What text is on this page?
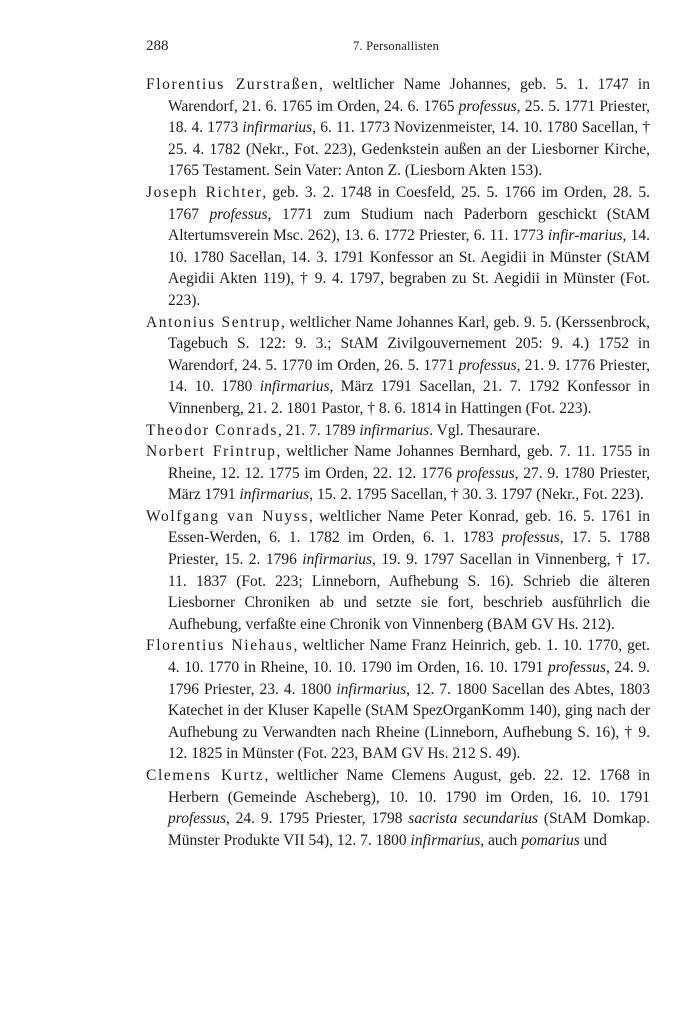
288	7. Personallisten

Florentius Zurstraßen, weltlicher Name Johannes, geb. 5. 1. 1747 in Warendorf, 21. 6. 1765 im Orden, 24. 6. 1765 professus, 25. 5. 1771 Priester, 18. 4. 1773 infirmarius, 6. 11. 1773 Novizenmeister, 14. 10. 1780 Sacellan, † 25. 4. 1782 (Nekr., Fot. 223), Gedenkstein außen an der Liesborner Kirche, 1765 Testament. Sein Vater: Anton Z. (Liesborn Akten 153).

Joseph Richter, geb. 3. 2. 1748 in Coesfeld, 25. 5. 1766 im Orden, 28. 5. 1767 professus, 1771 zum Studium nach Paderborn geschickt (StAM Altertumsverein Msc. 262), 13. 6. 1772 Priester, 6. 11. 1773 infir-marius, 14. 10. 1780 Sacellan, 14. 3. 1791 Konfessor an St. Aegidii in Münster (StAM Aegidii Akten 119), † 9. 4. 1797, begraben zu St. Aegidii in Münster (Fot. 223).

Antonius Sentrup, weltlicher Name Johannes Karl, geb. 9. 5. (Kerssenbrock, Tagebuch S. 122: 9. 3.; StAM Zivilgouvernement 205: 9. 4.) 1752 in Warendorf, 24. 5. 1770 im Orden, 26. 5. 1771 professus, 21. 9. 1776 Priester, 14. 10. 1780 infirmarius, März 1791 Sacellan, 21. 7. 1792 Konfessor in Vinnenberg, 21. 2. 1801 Pastor, † 8. 6. 1814 in Hattingen (Fot. 223).

Theodor Conrads, 21. 7. 1789 infirmarius. Vgl. Thesaurare.

Norbert Frintrup, weltlicher Name Johannes Bernhard, geb. 7. 11. 1755 in Rheine, 12. 12. 1775 im Orden, 22. 12. 1776 professus, 27. 9. 1780 Priester, März 1791 infirmarius, 15. 2. 1795 Sacellan, † 30. 3. 1797 (Nekr., Fot. 223).

Wolfgang van Nuyss, weltlicher Name Peter Konrad, geb. 16. 5. 1761 in Essen-Werden, 6. 1. 1782 im Orden, 6. 1. 1783 professus, 17. 5. 1788 Priester, 15. 2. 1796 infirmarius, 19. 9. 1797 Sacellan in Vinnenberg, † 17. 11. 1837 (Fot. 223; Linneborn, Aufhebung S. 16). Schrieb die älteren Liesborner Chroniken ab und setzte sie fort, beschrieb ausführlich die Aufhebung, verfaßte eine Chronik von Vinnenberg (BAM GV Hs. 212).

Florentius Niehaus, weltlicher Name Franz Heinrich, geb. 1. 10. 1770, get. 4. 10. 1770 in Rheine, 10. 10. 1790 im Orden, 16. 10. 1791 professus, 24. 9. 1796 Priester, 23. 4. 1800 infirmarius, 12. 7. 1800 Sacellan des Abtes, 1803 Katechet in der Kluser Kapelle (StAM SpezOrganKomm 140), ging nach der Aufhebung zu Verwandten nach Rheine (Linneborn, Aufhebung S. 16), † 9. 12. 1825 in Münster (Fot. 223, BAM GV Hs. 212 S. 49).

Clemens Kurtz, weltlicher Name Clemens August, geb. 22. 12. 1768 in Herbern (Gemeinde Ascheberg), 10. 10. 1790 im Orden, 16. 10. 1791 professus, 24. 9. 1795 Priester, 1798 sacrista secundarius (StAM Domkap. Münster Produkte VII 54), 12. 7. 1800 infirmarius, auch pomarius und
